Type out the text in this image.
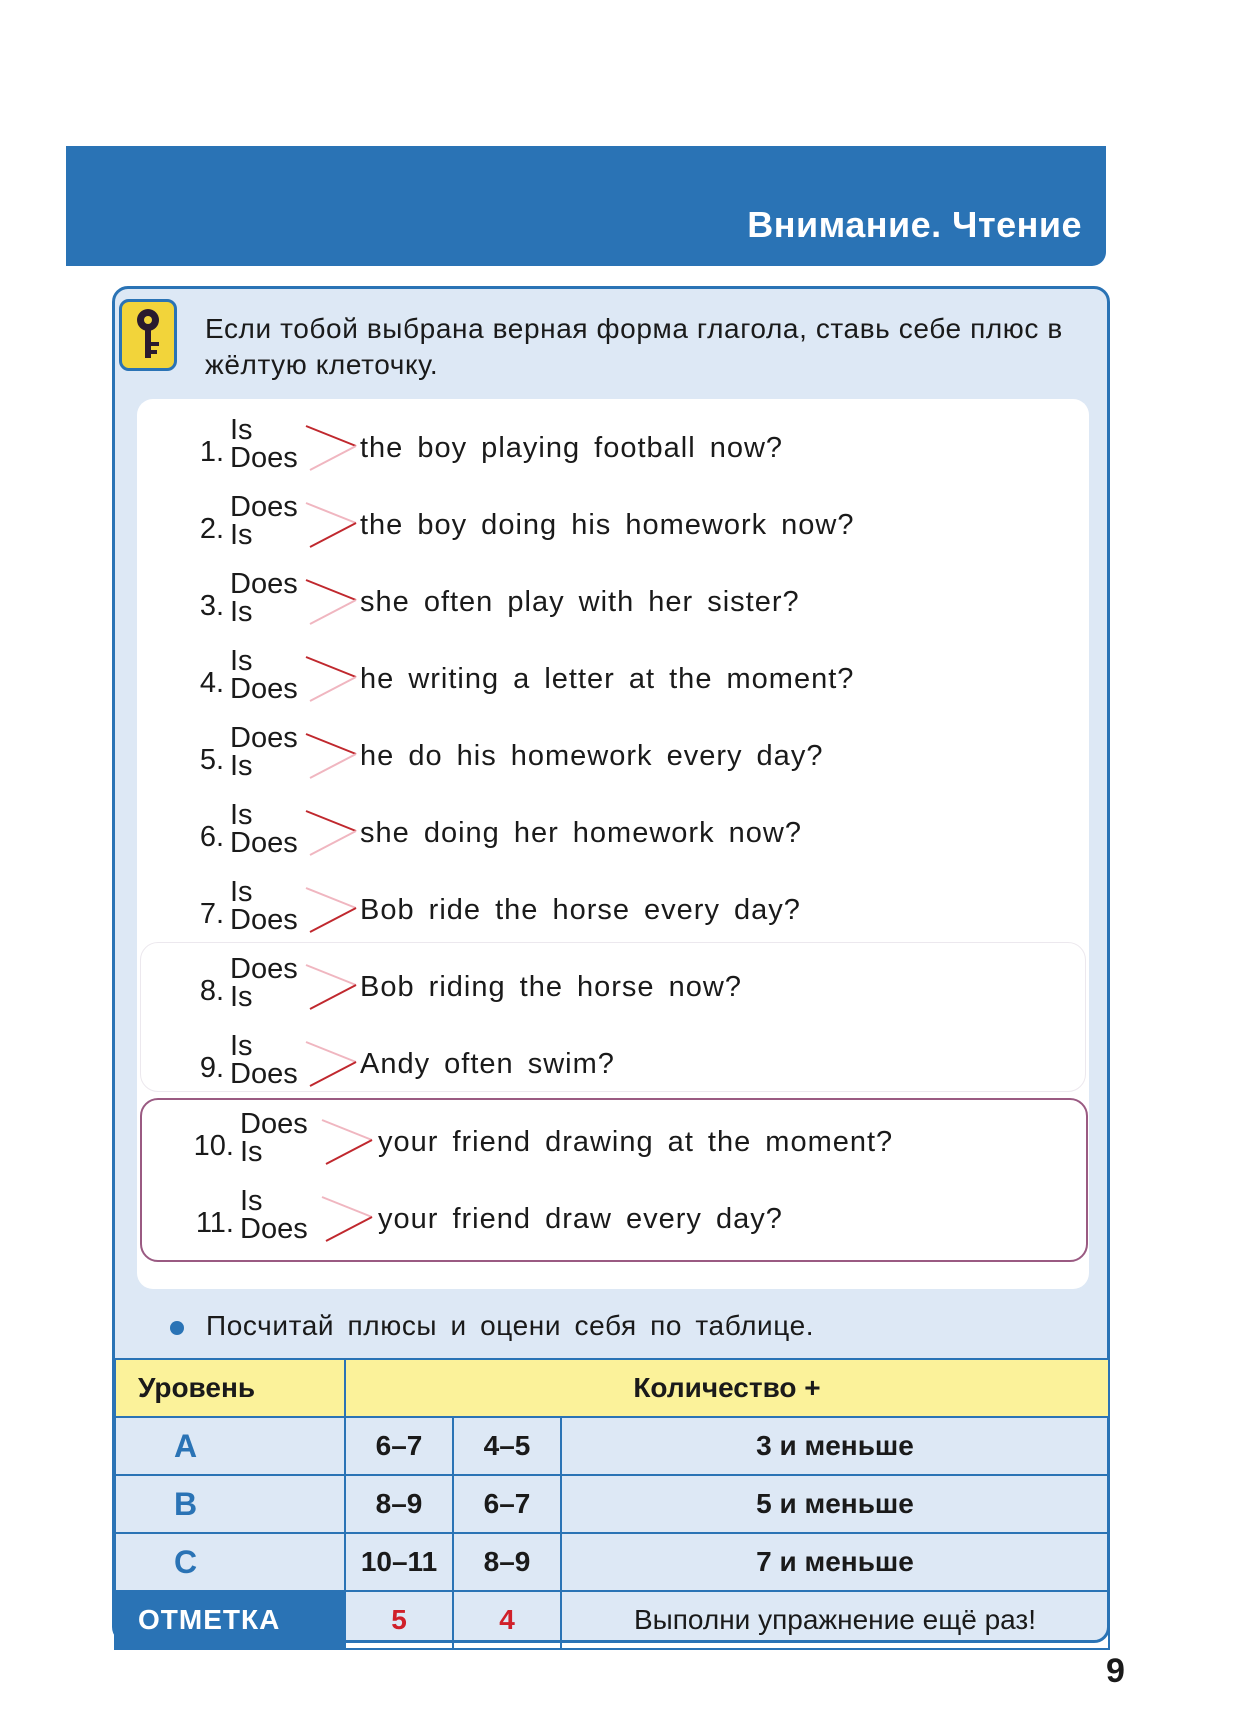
Внимание. Чтение
Если тобой выбрана верная форма глагола, ставь себе плюс в жёлтую клеточку.
1.
Is
Does the boy playing football now?
2.
Does
Is	the boy doing his homework now?
3.
Does
Is	she often play with her sister?
4.
Is
Does he writing a letter at the moment?
5.
Does
Is	he do his homework every day?
6.
Is
Does she doing her homework now?
7.
Is
Does Bob ride the horse every day?
8.
Does
Is	Bob riding the horse now?
9.
Is
Does Andy often swim?
10.
Does
Is	your friend drawing at the moment?
11.
Is
Does your friend draw every day?
Посчитай плюсы и оцени себя по таблице.
Уровень	Количество +		
A	6–7	4–5	3 и меньше
B	8–9	6–7	5 и меньше
C	10–11	8–9	7 и меньше
ОТМЕТКА	5	4	Выполни упражнение ещё раз!
9
